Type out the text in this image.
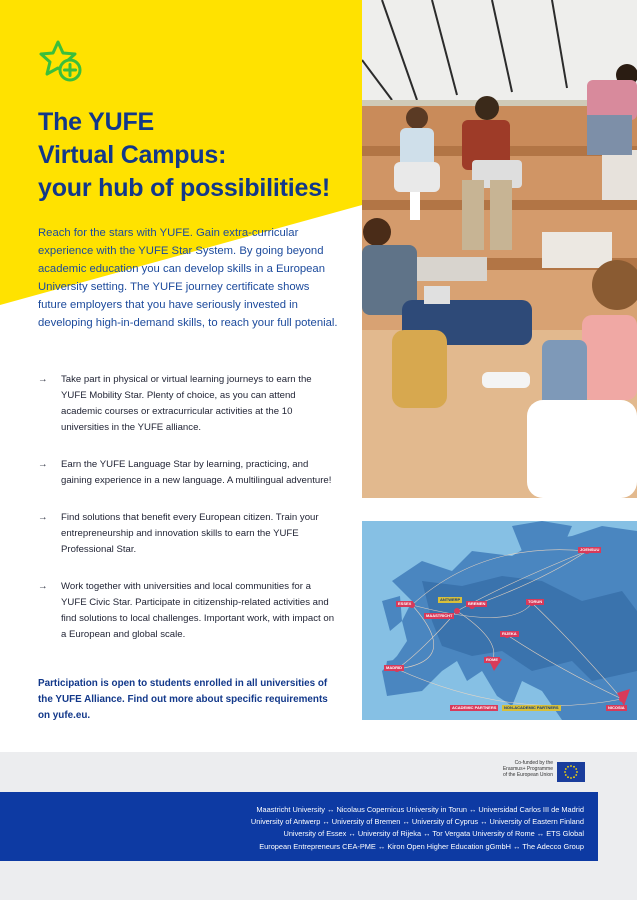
The YUFE
Virtual Campus:
your hub of possibilities!

Reach for the stars with YUFE. Gain extra-curricular experience with the YUFE Star System. By going beyond academic education you can develop skills in a European University setting. The YUFE journey certificate shows future employers that you have seriously invested in developing high-in-demand skills, to reach your full potenial.

→ Take part in physical or virtual learning journeys to earn the YUFE Mobility Star. Plenty of choice, as you can attend academic courses or extracurricular activities at the 10 universities in the YUFE alliance.
→ Earn the YUFE Language Star by learning, practicing, and gaining experience in a new language. A multilingual adventure!
→ Find solutions that benefit every European citizen. Train your entrepreneurship and innovation skills to earn the YUFE Professional Star.
→ Work together with universities and local communities for a YUFE Civic Star. Participate in citizenship-related activities and find solutions to local challenges. Important work, with impact on a European and global scale.

Participation is open to students enrolled in all universities of the YUFE Alliance. Find out more about specific requirements on yufe.eu.

ESSEX
MAASTRICHT
ANTWERP
BREMEN	TORUN
JOENSUU
RIJEKA
ROME
MADRID
NICOSIA
ACADEMIC PARTNERS	NON-ACADEMIC PARTNERS
Co-funded by the
Erasmus+ Programme
of the European Union
Maastricht University ↔ Nicolaus Copernicus University in Torun ↔ Universidad Carlos III de Madrid
University of Antwerp ↔ University of Bremen ↔ University of Cyprus ↔ University of Eastern Finland
University of Essex ↔ University of Rijeka ↔ Tor Vergata University of Rome ↔ ETS Global
European Entrepreneurs CEA-PME ↔ Kiron Open Higher Education gGmbH ↔ The Adecco Group
